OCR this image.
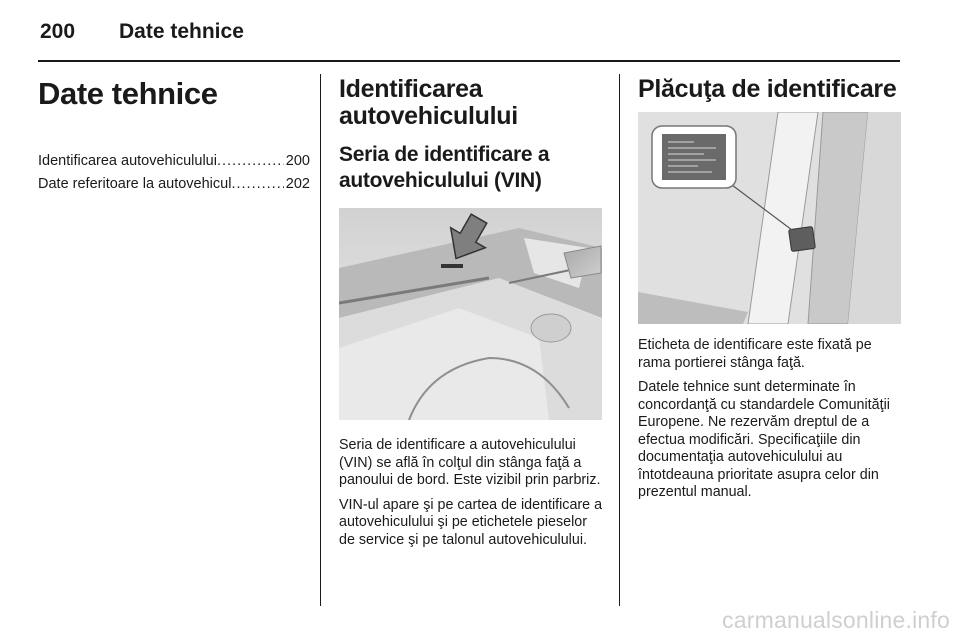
200 Date tehnice
Date tehnice
Identificarea autovehiculului .....	200
Date referitoare la autovehicul .....	202
Identificarea autovehiculului
Seria de identificare a autovehiculului (VIN)

Seria de identificare a autovehiculului (VIN) se află în colţul din stânga faţă a panoului de bord. Este vizibil prin parbriz.

VIN-ul apare şi pe cartea de identificare a autovehiculului şi pe etichetele pieselor de service şi pe talonul autovehiculului.

Plăcuţa de identificare

Eticheta de identificare este fixată pe rama portierei stânga faţă.

Datele tehnice sunt determinate în concordanţă cu standardele Comunităţii Europene. Ne rezervăm dreptul de a efectua modificări. Specificaţiile din documentaţia autovehiculului au întotdeauna prioritate asupra celor din prezentul manual.

carmanualsonline.info
